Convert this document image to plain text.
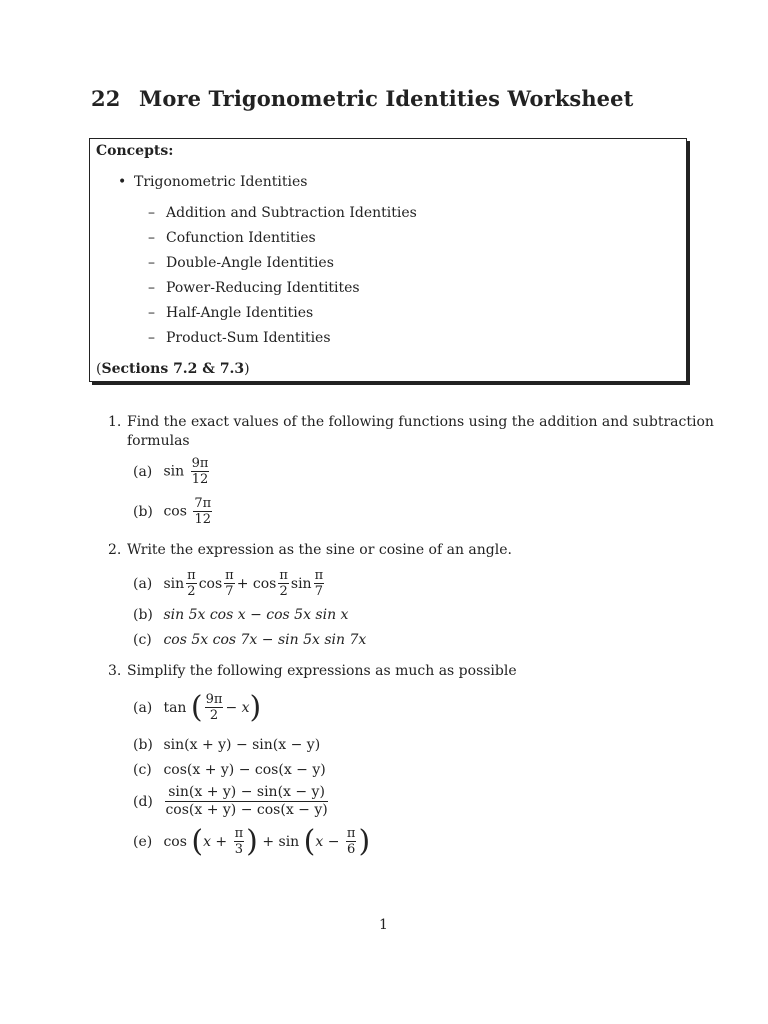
22 More Trigonometric Identities Worksheet
Concepts:
• Trigonometric Identities
– Addition and Subtraction Identities
– Cofunction Identities
– Double-Angle Identities
– Power-Reducing Identitites
– Half-Angle Identities
– Product-Sum Identities
(Sections 7.2 & 7.3)
1. Find the exact values of the following functions using the addition and subtraction
formulas
(a) $\sin \frac{9\pi}{12}$
(b) $\cos \frac{7\pi}{12}$
2. Write the expression as the sine or cosine of an angle.
(a) $\sin \frac{\pi}{2}$ $\cos \frac{\pi}{7} + \cos \frac{\pi}{2}$ $\sin \frac{\pi}{7}$
(b) sin 5x cos x − cos 5x sin x
(c) cos 5x cos 7x − sin 5x sin 7x
3. Simplify the following expressions as much as possible
(a) tan ( $\frac{9\pi}{2} - x$)
(b) sin(x + y) − sin(x − y)
(c) cos(x + y) − cos(x − y)
$(d) \frac{\sin(x + y) - \sin(x - y)}{\cos(x + y) - \cos(x - y)}$
(e) $\cos (x + \frac{\pi}{3}$ ) + $\sin (x - \frac{\pi}{6}$ )
1
